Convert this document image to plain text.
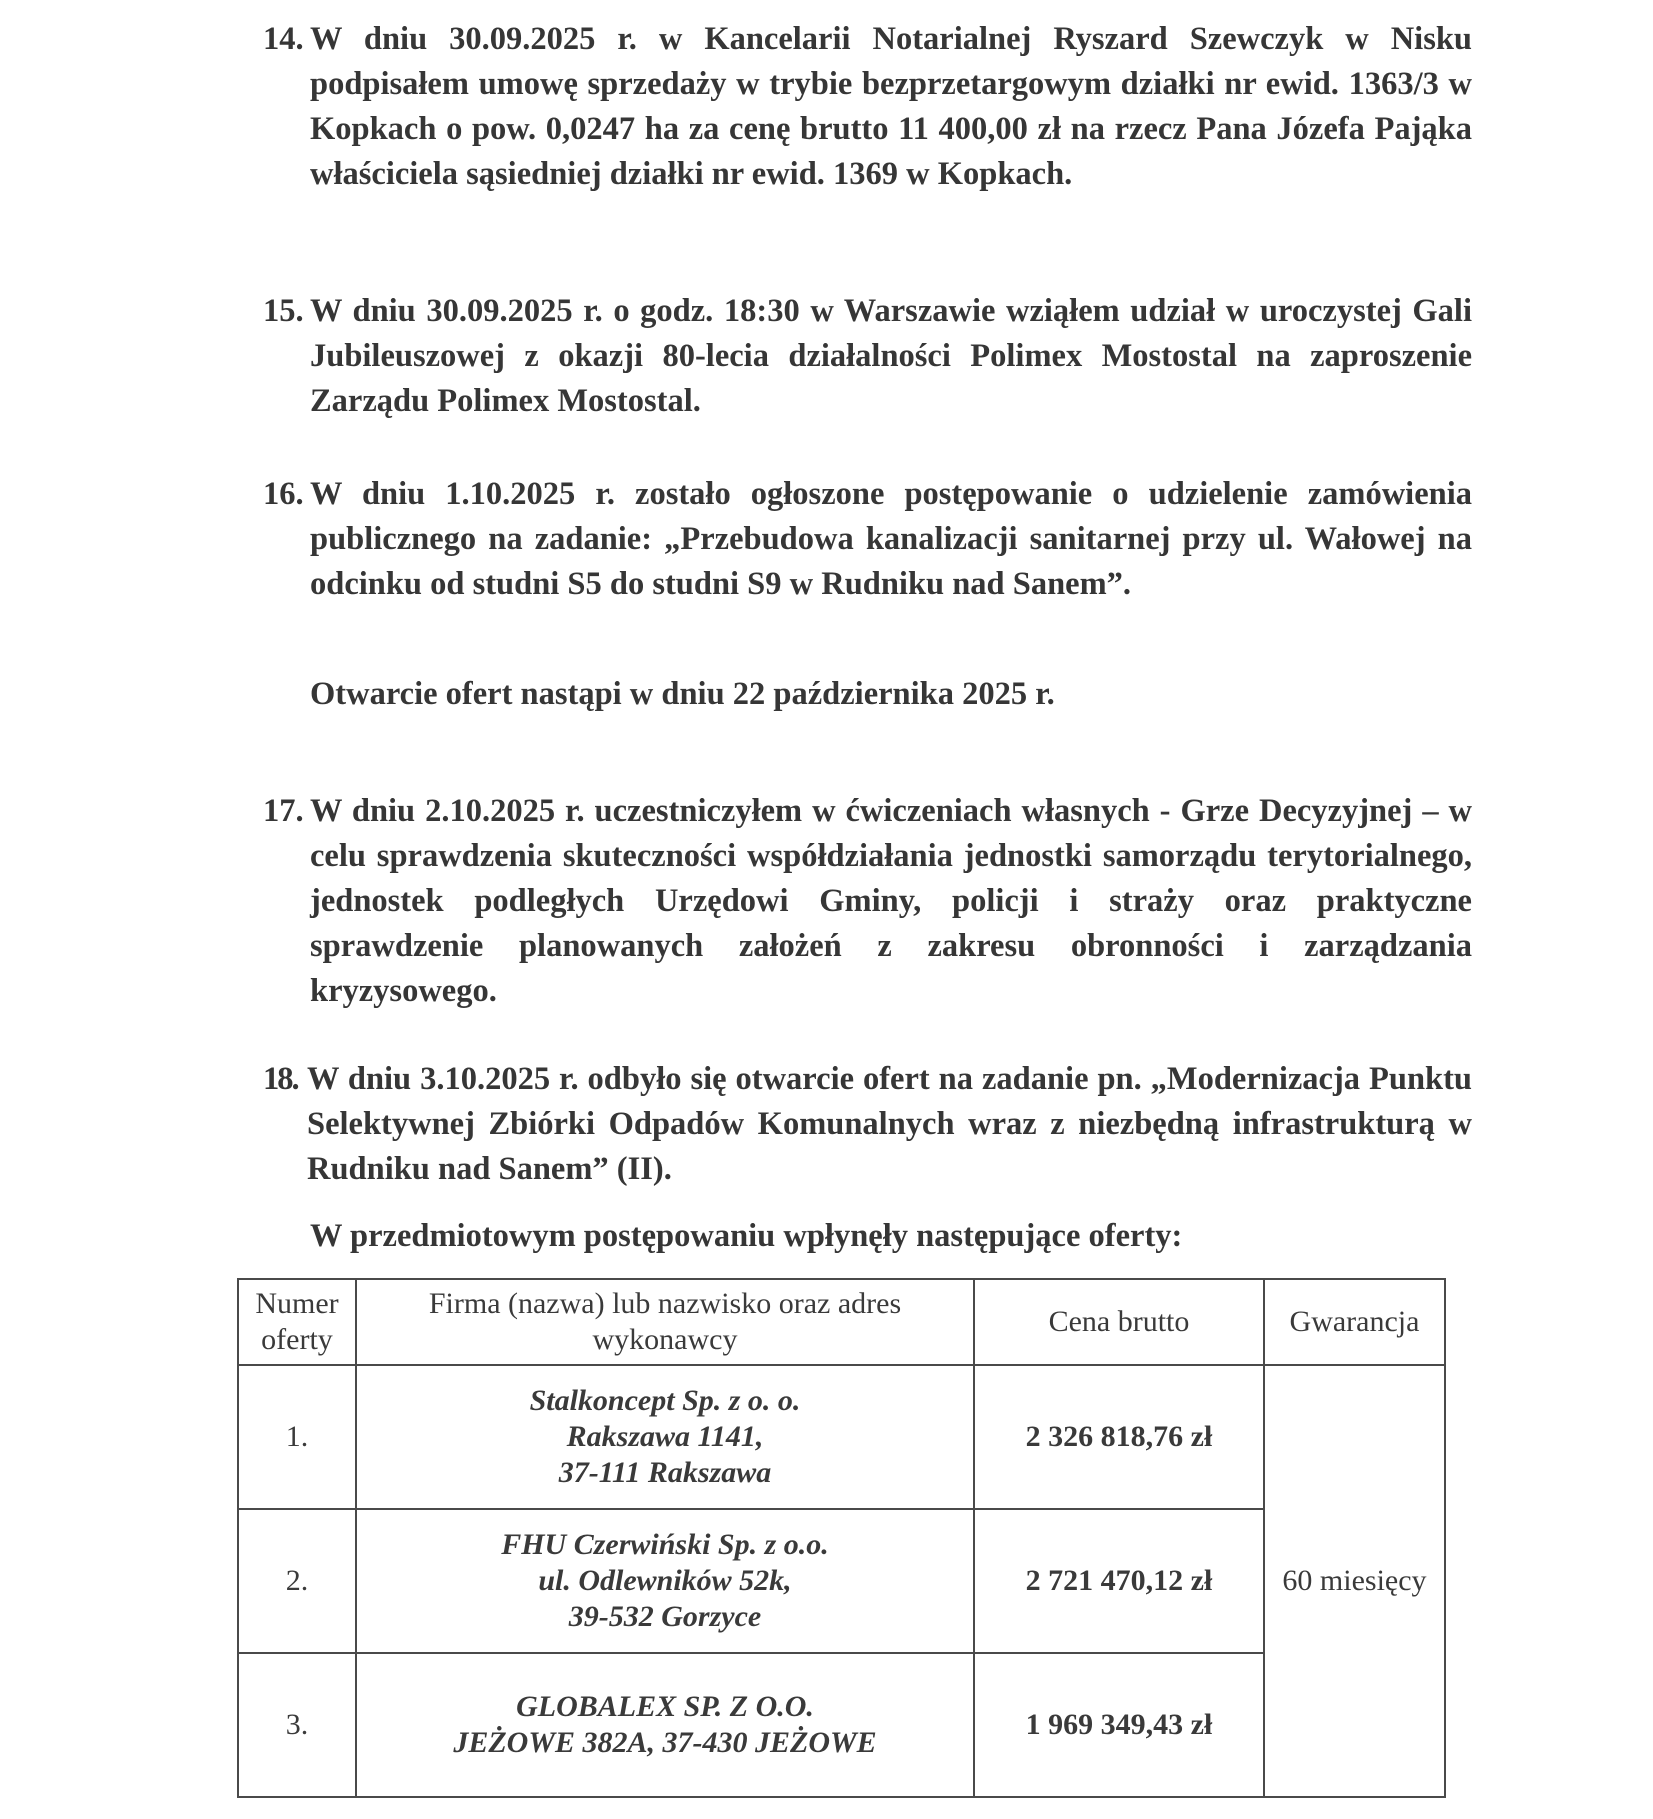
14. W dniu 30.09.2025 r. w Kancelarii Notarialnej Ryszard Szewczyk w Nisku podpisałem umowę sprzedaży w trybie bezprzetargowym działki nr ewid. 1363/3 w Kopkach o pow. 0,0247 ha za cenę brutto 11 400,00 zł na rzecz Pana Józefa Pająka właściciela sąsiedniej działki nr ewid. 1369 w Kopkach.
15. W dniu 30.09.2025 r. o godz. 18:30 w Warszawie wziąłem udział w uroczystej Gali Jubileuszowej z okazji 80-lecia działalności Polimex Mostostal na zaproszenie Zarządu Polimex Mostostal.
16. W dniu 1.10.2025 r. zostało ogłoszone postępowanie o udzielenie zamówienia publicznego na zadanie: „Przebudowa kanalizacji sanitarnej przy ul. Wałowej na odcinku od studni S5 do studni S9 w Rudniku nad Sanem”.
Otwarcie ofert nastąpi w dniu 22 października 2025 r.
17. W dniu 2.10.2025 r. uczestniczyłem w ćwiczeniach własnych - Grze Decyzyjnej – w celu sprawdzenia skuteczności współdziałania jednostki samorządu terytorialnego, jednostek podległych Urzędowi Gminy, policji i straży oraz praktyczne sprawdzenie planowanych założeń z zakresu obronności i zarządzania kryzysowego.
18. W dniu 3.10.2025 r. odbyło się otwarcie ofert na zadanie pn. „Modernizacja Punktu Selektywnej Zbiórki Odpadów Komunalnych wraz z niezbędną infrastrukturą w Rudniku nad Sanem” (II).
W przedmiotowym postępowaniu wpłynęły następujące oferty:
Numer oferty	Firma (nazwa) lub nazwisko oraz adres wykonawcy	Cena brutto	Gwarancja
1.	Stalkoncept Sp. z o. o.
Rakszawa 1141,
37-111 Rakszawa	2 326 818,76 zł	60 miesięcy
2.	FHU Czerwiński Sp. z o.o.
ul. Odlewników 52k,
39-532 Gorzyce	2 721 470,12 zł	
3.	GLOBALEX SP. Z O.O.
JEŻOWE 382A, 37-430 JEŻOWE	1 969 349,43 zł	
